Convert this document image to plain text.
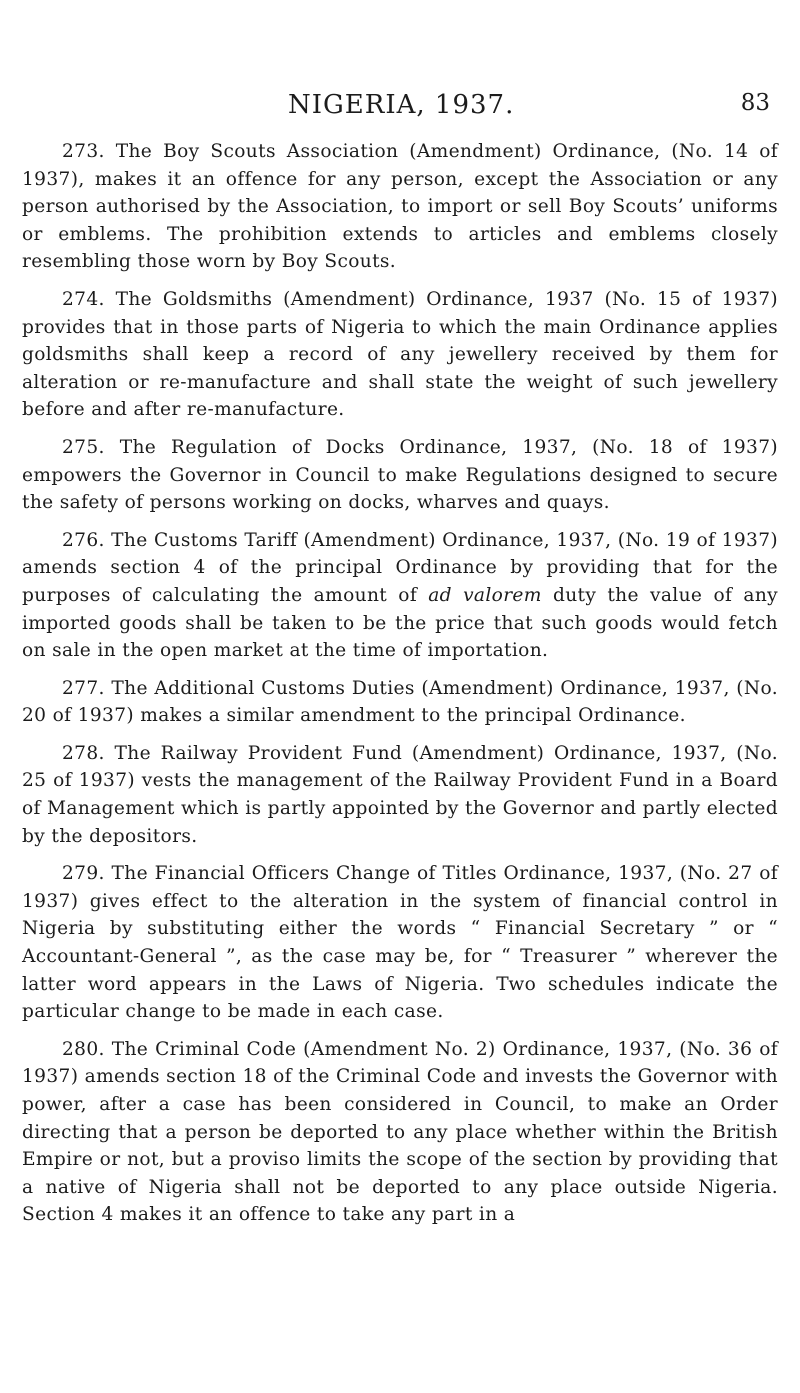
NIGERIA, 1937.	83

273. The Boy Scouts Association (Amendment) Ordinance, (No. 14 of 1937), makes it an offence for any person, except the Association or any person authorised by the Association, to import or sell Boy Scouts’ uniforms or emblems. The prohibition extends to articles and emblems closely resembling those worn by Boy Scouts.

274. The Goldsmiths (Amendment) Ordinance, 1937 (No. 15 of 1937) provides that in those parts of Nigeria to which the main Ordinance applies goldsmiths shall keep a record of any jewellery received by them for alteration or re-manufacture and shall state the weight of such jewellery before and after re-manufacture.

275. The Regulation of Docks Ordinance, 1937, (No. 18 of 1937) empowers the Governor in Council to make Regulations designed to secure the safety of persons working on docks, wharves and quays.

276. The Customs Tariff (Amendment) Ordinance, 1937, (No. 19 of 1937) amends section 4 of the principal Ordinance by providing that for the purposes of calculating the amount of ad valorem duty the value of any imported goods shall be taken to be the price that such goods would fetch on sale in the open market at the time of importation.

277. The Additional Customs Duties (Amendment) Ordinance, 1937, (No. 20 of 1937) makes a similar amendment to the principal Ordinance.

278. The Railway Provident Fund (Amendment) Ordinance, 1937, (No. 25 of 1937) vests the management of the Railway Provident Fund in a Board of Management which is partly appointed by the Governor and partly elected by the depositors.

279. The Financial Officers Change of Titles Ordinance, 1937, (No. 27 of 1937) gives effect to the alteration in the system of financial control in Nigeria by substituting either the words “ Financial Secretary ” or “ Accountant-General ”, as the case may be, for “ Treasurer ” wherever the latter word appears in the Laws of Nigeria. Two schedules indicate the particular change to be made in each case.

280. The Criminal Code (Amendment No. 2) Ordinance, 1937, (No. 36 of 1937) amends section 18 of the Criminal Code and invests the Governor with power, after a case has been considered in Council, to make an Order directing that a person be deported to any place whether within the British Empire or not, but a proviso limits the scope of the section by providing that a native of Nigeria shall not be deported to any place outside Nigeria. Section 4 makes it an offence to take any part in a
